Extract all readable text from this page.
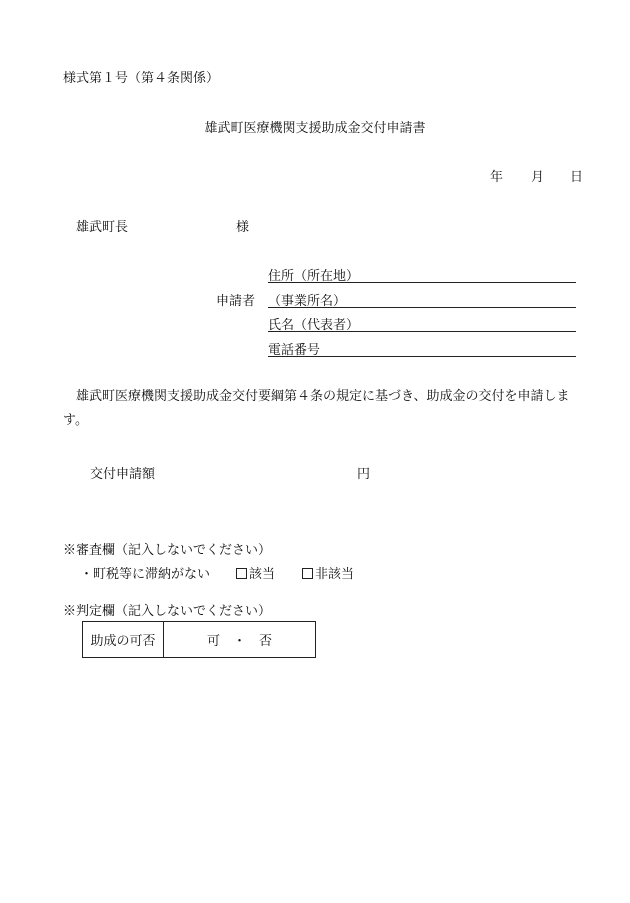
様式第１号（第４条関係）
雄武町医療機関支援助成金交付申請書
年 月 日
雄武町長	様
申請者
住所（所在地）
（事業所名）
氏名（代表者）
電話番号
雄武町医療機関支援助成金交付要綱第４条の規定に基づき、助成金の交付を申請します。
交付申請額	円
※審査欄（記入しないでください）
・町税等に滞納がない	該当	非該当
※判定欄（記入しないでください）
助成の可否	可　・　否
